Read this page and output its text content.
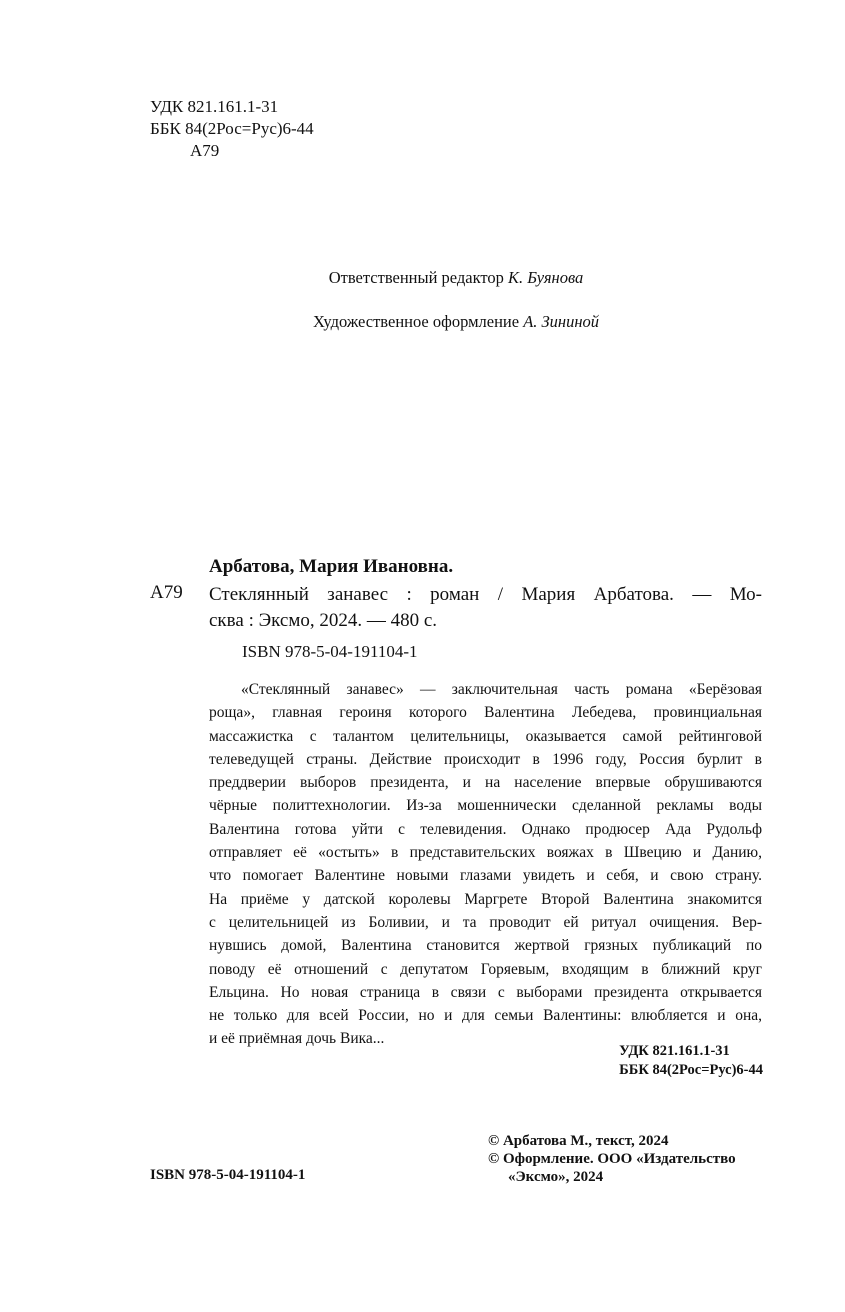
УДК 821.161.1-31
ББК 84(2Рос=Рус)6-44
А79
Ответственный редактор К. Буянова
Художественное оформление А. Зининой
Арбатова, Мария Ивановна.
А79 Стеклянный занавес : роман / Мария Арбатова. — Мо-
сква : Эксмо, 2024. — 480 с.
ISBN 978-5-04-191104-1
«Стеклянный занавес» — заключительная часть романа «Берёзовая
роща», главная героиня которого Валентина Лебедева, провинциальная
массажистка с талантом целительницы, оказывается самой рейтинговой
телеведущей страны. Действие происходит в 1996 году, Россия бурлит в
преддверии выборов президента, и на население впервые обрушиваются
чёрные политтехнологии. Из-за мошеннически сделанной рекламы воды
Валентина готова уйти с телевидения. Однако продюсер Ада Рудольф
отправляет её «остыть» в представительских вояжах в Швецию и Данию,
что помогает Валентине новыми глазами увидеть и себя, и свою страну.
На приёме у датской королевы Маргрете Второй Валентина знакомится
с целительницей из Боливии, и та проводит ей ритуал очищения. Вер-
нувшись домой, Валентина становится жертвой грязных публикаций по
поводу её отношений с депутатом Горяевым, входящим в ближний круг
Ельцина. Но новая страница в связи с выборами президента открывается
не только для всей России, но и для семьи Валентины: влюбляется и она,
и её приёмная дочь Вика...
УДК 821.161.1-31
ББК 84(2Рос=Рус)6-44
© Арбатова М., текст, 2024
© Оформление. ООО «Издательство
«Эксмо», 2024
ISBN 978-5-04-191104-1
